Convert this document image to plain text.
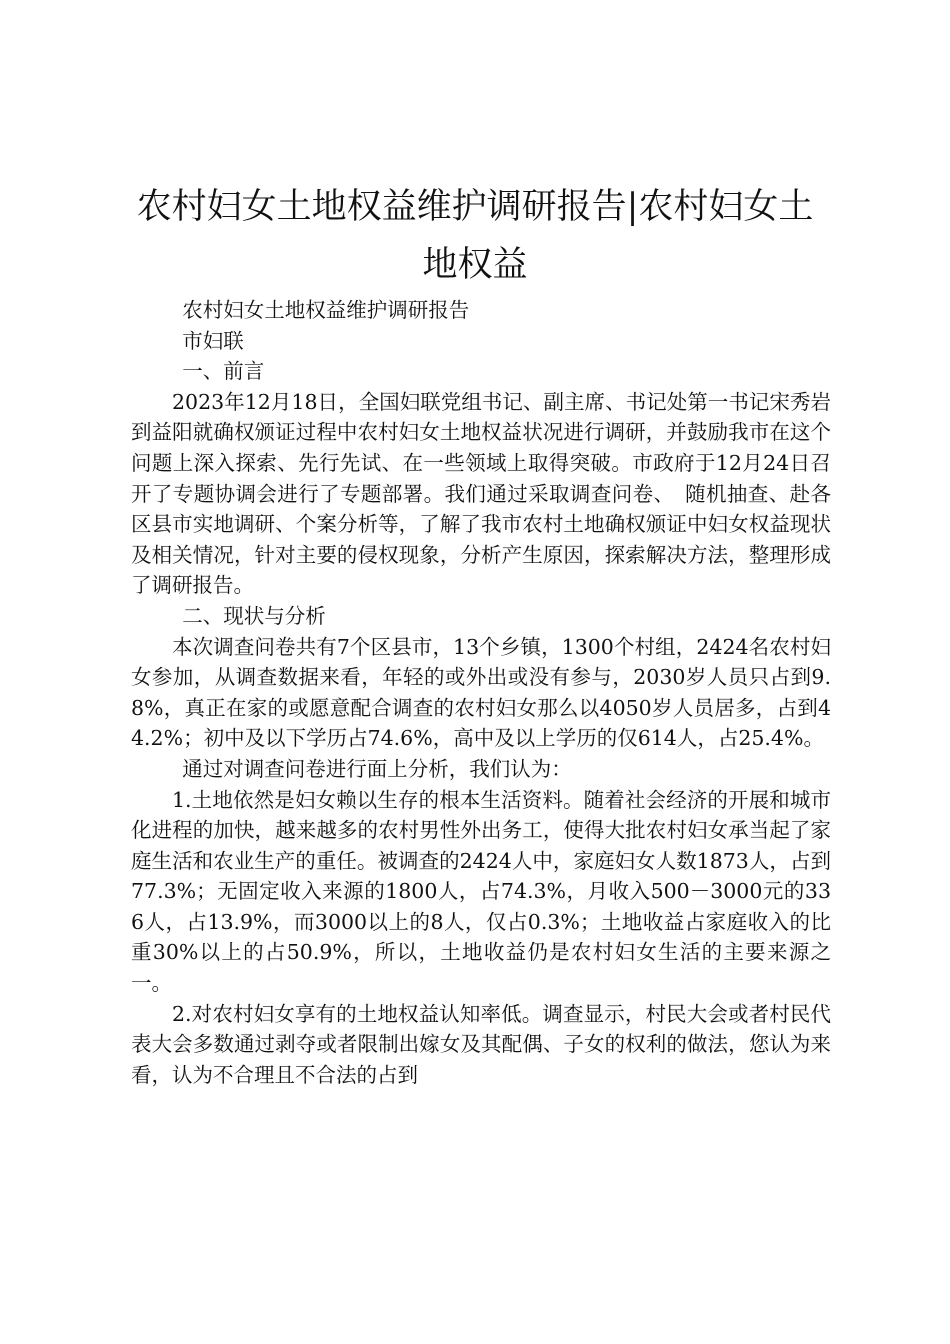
农村妇女土地权益维护调研报告|农村妇女土地权益

农村妇女土地权益维护调研报告

市妇联

一、前言

2023年12月18日，全国妇联党组书记、副主席、书记处第一书记宋秀岩到益阳就确权颁证过程中农村妇女土地权益状况进行调研，并鼓励我市在这个问题上深入探索、先行先试、在一些领域上取得突破。市政府于12月24日召开了专题协调会进行了专题部署。我们通过采取调查问卷、　随机抽查、赴各区县市实地调研、个案分析等，了解了我市农村土地确权颁证中妇女权益现状及相关情况，针对主要的侵权现象，分析产生原因，探索解决方法，整理形成了调研报告。

二、现状与分析

本次调查问卷共有7个区县市，13个乡镇，1300个村组，2424名农村妇女参加，从调查数据来看，年轻的或外出或没有参与，2030岁人员只占到9.8%，真正在家的或愿意配合调查的农村妇女那么以4050岁人员居多，占到44.2%；初中及以下学历占74.6%，高中及以上学历的仅614人，占25.4%。

通过对调查问卷进行面上分析，我们认为：

1.土地依然是妇女赖以生存的根本生活资料。随着社会经济的开展和城市化进程的加快，越来越多的农村男性外出务工，使得大批农村妇女承当起了家庭生活和农业生产的重任。被调查的2424人中，家庭妇女人数1873人，占到77.3%；无固定收入来源的1800人，占74.3%，月收入500－3000元的336人，占13.9%，而3000以上的8人，仅占0.3%；土地收益占家庭收入的比重30%以上的占50.9%，所以，土地收益仍是农村妇女生活的主要来源之一。

2.对农村妇女享有的土地权益认知率低。调查显示，村民大会或者村民代表大会多数通过剥夺或者限制出嫁女及其配偶、子女的权利的做法，您认为来看，认为不合理且不合法的占到
